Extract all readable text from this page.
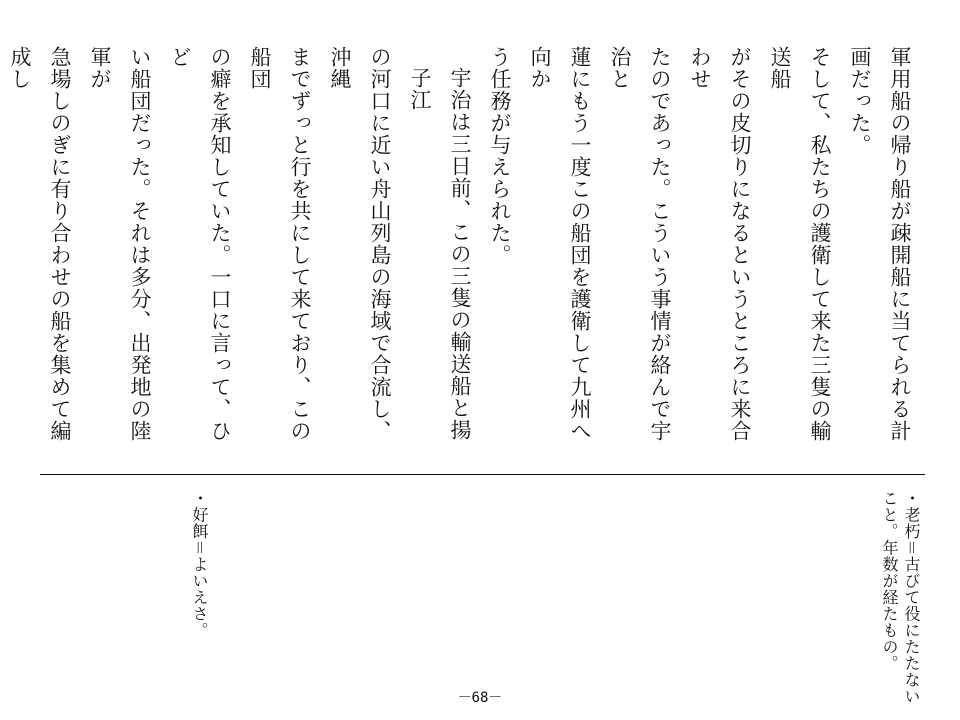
軍用船の帰り船が疎開船に当てられる計画だった。
そして、私たちの護衛して来た三隻の輸送船
がその皮切りになるというところに来合わせ
たのであった。こういう事情が絡んで宇治と
蓮にもう一度この船団を護衛して九州へ向か
う任務が与えられた。
宇治は三日前、この三隻の輸送船と揚子江
の河口に近い舟山列島の海域で合流し、沖縄
までずっと行を共にして来ており、この船団
の癖を承知していた。一口に言って、ひど
い船団だった。それは多分、出発地の陸軍が
急場しのぎに有り合わせの船を集めて編成し
・老朽＝古びて役にたたないこと。年数が経たもの。
・好餌＝よいえさ。
－68－
